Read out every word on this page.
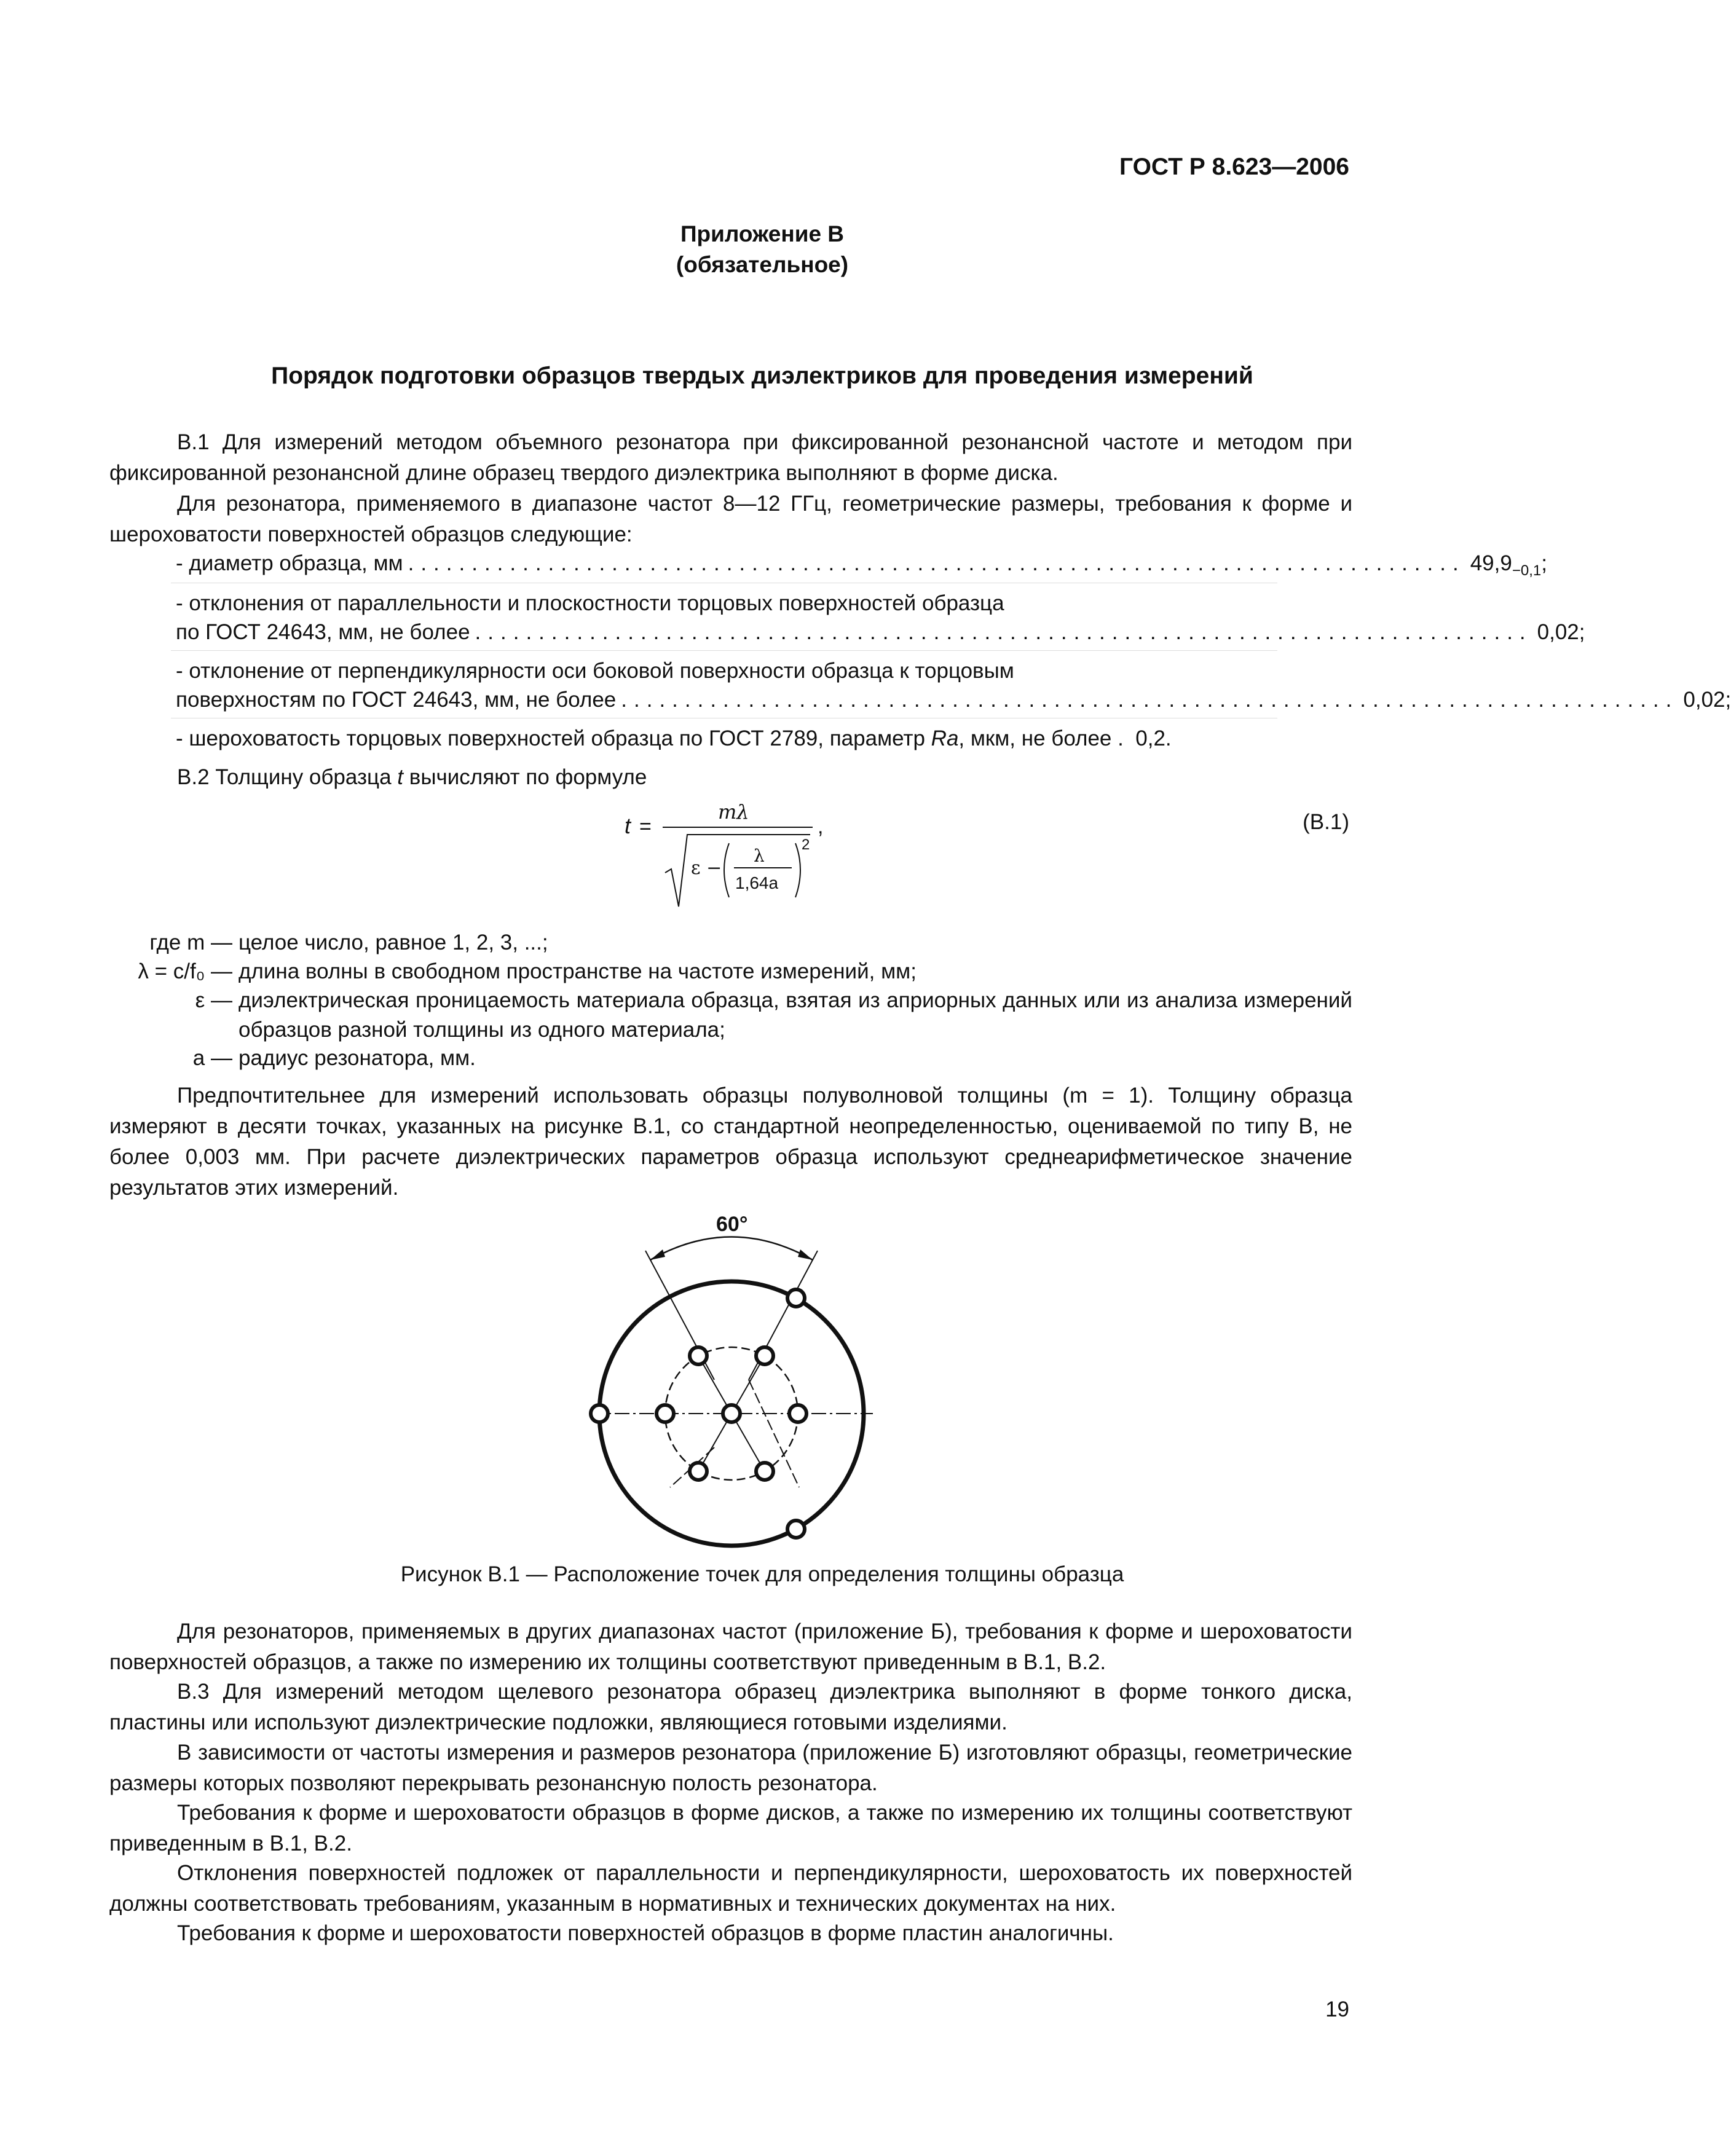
ГОСТ Р 8.623—2006
Приложение В
(обязательное)
Порядок подготовки образцов твердых диэлектриков для проведения измерений
В.1 Для измерений методом объемного резонатора при фиксированной резонансной частоте и методом при фиксированной резонансной длине образец твердого диэлектрика выполняют в форме диска.
Для резонатора, применяемого в диапазоне частот 8—12 ГГц, геометрические размеры, требования к форме и шероховатости поверхностей образцов следующие:
- диаметр образца, мм ................................................................................... $49,9_{-0,1}$;
- отклонения от параллельности и плоскостности торцовых поверхностей образца
по ГОСТ 24643, мм, не более ................................................................................... 0,02;
- отклонение от перпендикулярности оси боковой поверхности образца к торцовым
поверхностям по ГОСТ 24643, мм, не более ................................................................................... 0,02;
- шероховатость торцовых поверхностей образца по ГОСТ 2789, параметр Ra, мкм, не более . 0,2.
В.2 Толщину образца t вычисляют по формуле
t =
mλ
,
ε −
λ
1,64a
2
(В.1)
где m — целое число, равное 1, 2, 3, ...;
λ = c/f₀ — длина волны в свободном пространстве на частоте измерений, мм;
ε — диэлектрическая проницаемость материала образца, взятая из априорных данных или из анализа измерений образцов разной толщины из одного материала;
a — радиус резонатора, мм.
Предпочтительнее для измерений использовать образцы полуволновой толщины (m = 1). Толщину образца измеряют в десяти точках, указанных на рисунке В.1, со стандартной неопределенностью, оцениваемой по типу В, не более 0,003 мм. При расчете диэлектрических параметров образца используют среднеарифметическое значение результатов этих измерений.
60°
Рисунок В.1 — Расположение точек для определения толщины образца
Для резонаторов, применяемых в других диапазонах частот (приложение Б), требования к форме и шероховатости поверхностей образцов, а также по измерению их толщины соответствуют приведенным в В.1, В.2.
В.3 Для измерений методом щелевого резонатора образец диэлектрика выполняют в форме тонкого диска, пластины или используют диэлектрические подложки, являющиеся готовыми изделиями.
В зависимости от частоты измерения и размеров резонатора (приложение Б) изготовляют образцы, геометрические размеры которых позволяют перекрывать резонансную полость резонатора.
Требования к форме и шероховатости образцов в форме дисков, а также по измерению их толщины соответствуют приведенным в В.1, В.2.
Отклонения поверхностей подложек от параллельности и перпендикулярности, шероховатость их поверхностей должны соответствовать требованиям, указанным в нормативных и технических документах на них.
Требования к форме и шероховатости поверхностей образцов в форме пластин аналогичны.
19
